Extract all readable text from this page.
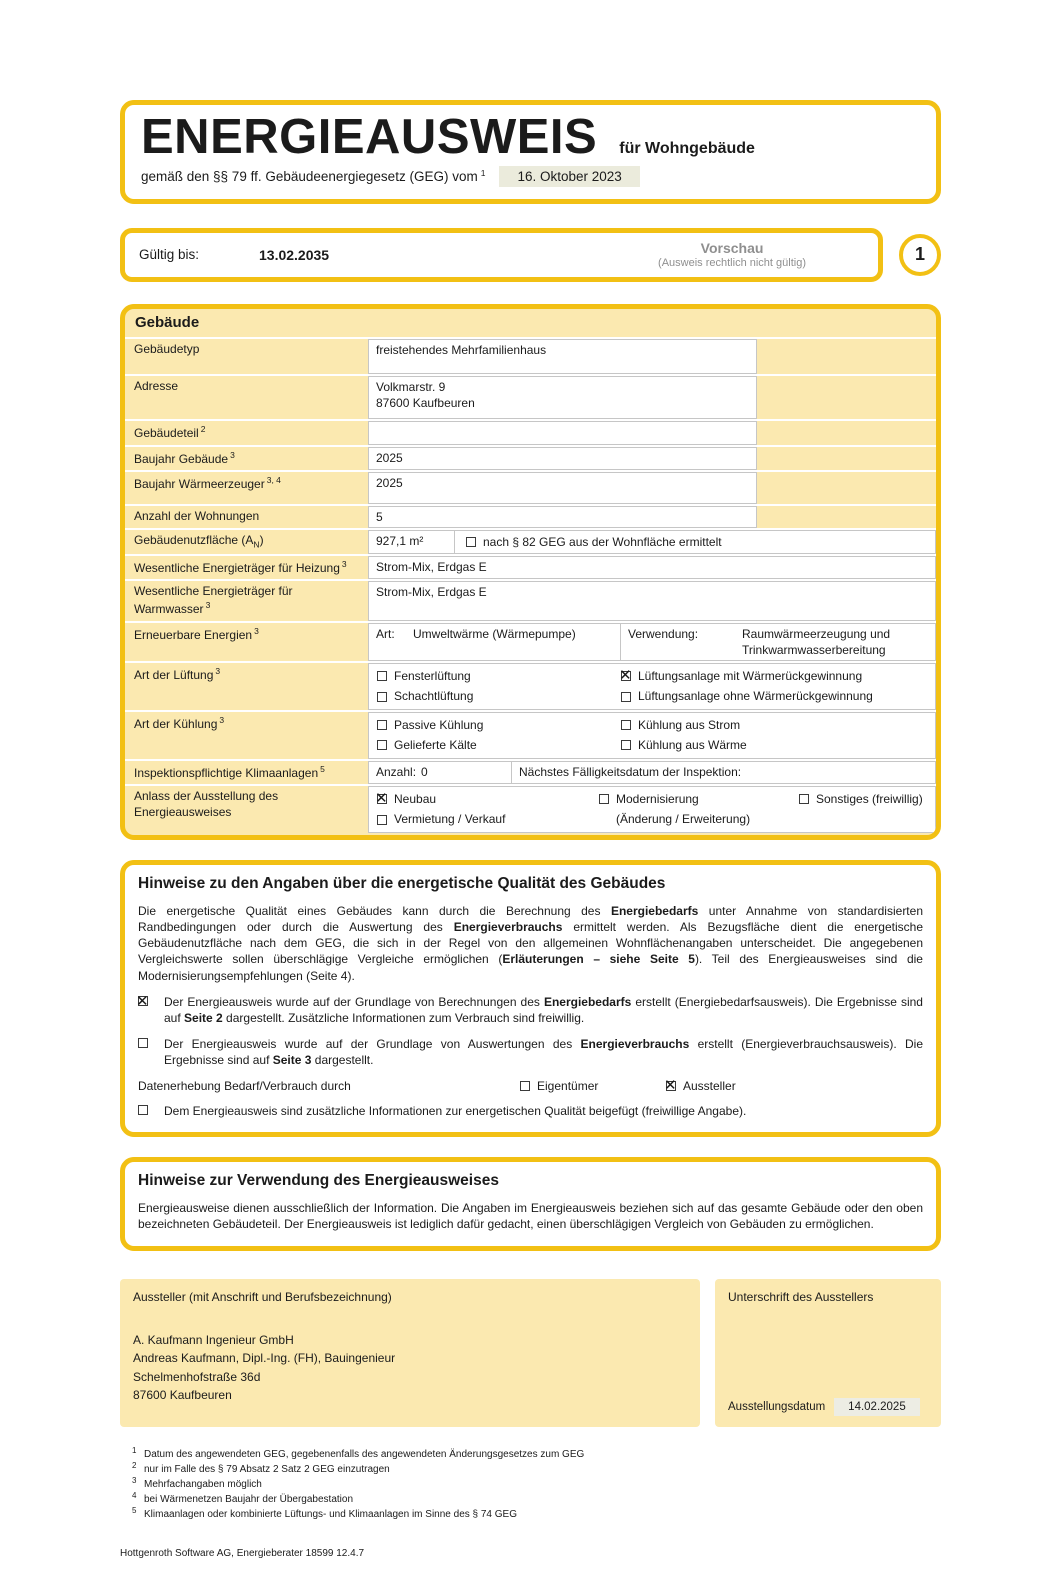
ENERGIEAUSWEIS für Wohngebäude
gemäß den §§ 79 ff. Gebäudeenergiegesetz (GEG) vom $^1$	16. Oktober 2023
Gültig bis:	13.02.2035	Vorschau
(Ausweis rechtlich nicht gültig)	1
Gebäude
Gebäudetyp	freistehendes Mehrfamilienhaus
Adresse	Volkmarstr. 9
87600 Kaufbeuren
Gebäudeteil $^2$
Baujahr Gebäude $^3$	2025
Baujahr Wärmeerzeuger $^{3, 4}$	2025
Anzahl der Wohnungen	5
Gebäudenutzfläche $(A_N)$	927,1 m²	nach § 82 GEG aus der Wohnfläche ermittelt
Wesentliche Energieträger für Heizung $^3$	Strom-Mix, Erdgas E
Wesentliche Energieträger für Warmwasser $^3$
Strom-Mix, Erdgas E
Erneuerbare Energien $^3$	Art:	Umweltwärme (Wärmepumpe)	Verwendung:	Raumwärmeerzeugung und Trinkwarmwasserbereitung
Art der Lüftung $^3$	Fensterlüftung ✕	Lüftungsanlage mit Wärmerückgewinnung
Schachtlüftung	Lüftungsanlage ohne Wärmerückgewinnung
Art der Kühlung $^3$	Passive Kühlung	Kühlung aus Strom
Gelieferte Kälte	Kühlung aus Wärme
Inspektionspflichtige Klimaanlagen $^5$	Anzahl: 0	Nächstes Fälligkeitsdatum der Inspektion:
Anlass der Ausstellung des Energieausweises
✕
Neubau	Modernisierung	Sonstiges (freiwillig)
Vermietung / Verkauf	(Änderung / Erweiterung)
Hinweise zu den Angaben über die energetische Qualität des Gebäudes

Die energetische Qualität eines Gebäudes kann durch die Berechnung des Energiebedarfs unter Annahme von standardisierten Randbedingungen oder durch die Auswertung des Energieverbrauchs ermittelt werden. Als Bezugsfläche dient die energetische Gebäudenutzfläche nach dem GEG, die sich in der Regel von den allgemeinen Wohnflächenangaben unterscheidet. Die angegebenen Vergleichswerte sollen überschlägige Vergleiche ermöglichen (Erläuterungen – siehe Seite 5). Teil des Energieausweises sind die Modernisierungsempfehlungen (Seite 4).

✕
Der Energieausweis wurde auf der Grundlage von Berechnungen des Energiebedarfs erstellt (Energiebedarfsausweis). Die Ergebnisse sind auf Seite 2 dargestellt. Zusätzliche Informationen zum Verbrauch sind freiwillig.
Der Energieausweis wurde auf der Grundlage von Auswertungen des Energieverbrauchs erstellt (Energieverbrauchsausweis). Die Ergebnisse sind auf Seite 3 dargestellt.
Datenerhebung Bedarf/Verbrauch durch	Eigentümer ✕	Aussteller
Dem Energieausweis sind zusätzliche Informationen zur energetischen Qualität beigefügt (freiwillige Angabe).
Hinweise zur Verwendung des Energieausweises

Energieausweise dienen ausschließlich der Information. Die Angaben im Energieausweis beziehen sich auf das gesamte Gebäude oder den oben bezeichneten Gebäudeteil. Der Energieausweis ist lediglich dafür gedacht, einen überschlägigen Vergleich von Gebäuden zu ermöglichen.

Aussteller (mit Anschrift und Berufsbezeichnung)
A. Kaufmann Ingenieur GmbH
Andreas Kaufmann, Dipl.-Ing. (FH), Bauingenieur
Schelmenhofstraße 36d
87600 Kaufbeuren
Unterschrift des Ausstellers
Ausstellungsdatum	14.02.2025
1 Datum des angewendeten GEG, gegebenenfalls des angewendeten Änderungsgesetzes zum GEG
2 nur im Falle des § 79 Absatz 2 Satz 2 GEG einzutragen
3 Mehrfachangaben möglich
4 bei Wärmenetzen Baujahr der Übergabestation
5 Klimaanlagen oder kombinierte Lüftungs- und Klimaanlagen im Sinne des § 74 GEG
Hottgenroth Software AG, Energieberater 18599 12.4.7
